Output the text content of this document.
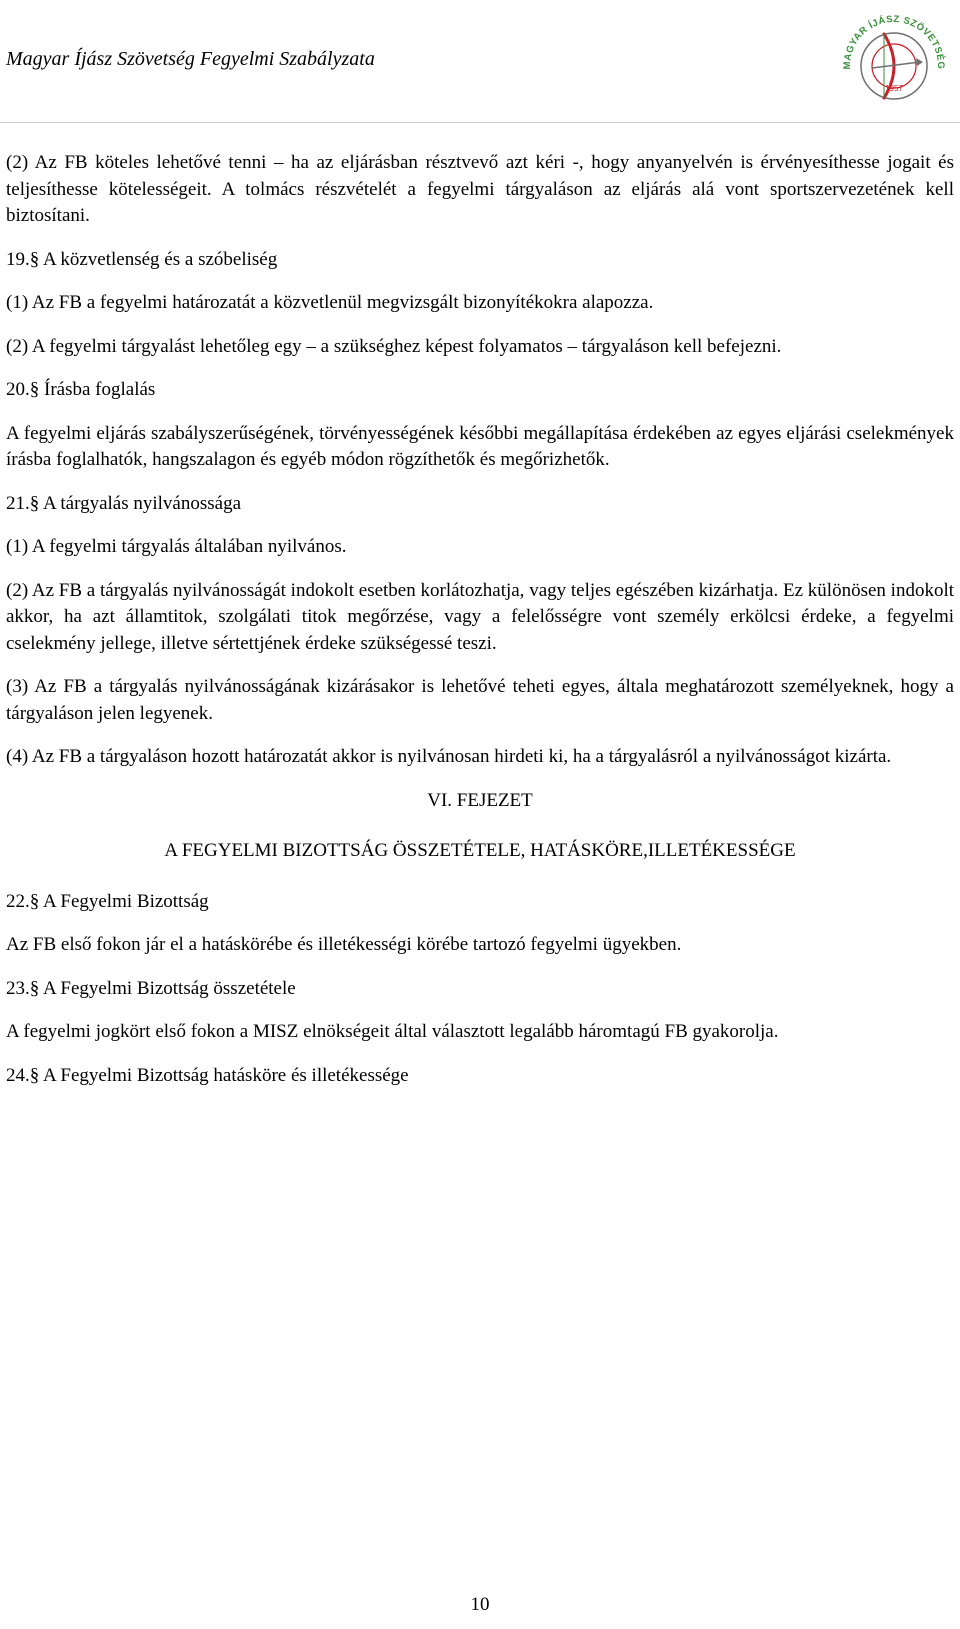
Magyar Íjász Szövetség Fegyelmi Szabályzata	MAGYAR ÍJÁSZ SZÖVETSÉG
1957

(2) Az FB köteles lehetővé tenni – ha az eljárásban résztvevő azt kéri -, hogy anyanyelvén is érvényesíthesse jogait és teljesíthesse kötelességeit. A tolmács részvételét a fegyelmi tárgyaláson az eljárás alá vont sportszervezetének kell biztosítani.

19.§ A közvetlenség és a szóbeliség

(1) Az FB a fegyelmi határozatát a közvetlenül megvizsgált bizonyítékokra alapozza.

(2) A fegyelmi tárgyalást lehetőleg egy – a szükséghez képest folyamatos – tárgyaláson kell befejezni.

20.§ Írásba foglalás

A fegyelmi eljárás szabályszerűségének, törvényességének későbbi megállapítása érdekében az egyes eljárási cselekmények írásba foglalhatók, hangszalagon és egyéb módon rögzíthetők és megőrizhetők.

21.§ A tárgyalás nyilvánossága

(1) A fegyelmi tárgyalás általában nyilvános.

(2) Az FB a tárgyalás nyilvánosságát indokolt esetben korlátozhatja, vagy teljes egészében kizárhatja. Ez különösen indokolt akkor, ha azt államtitok, szolgálati titok megőrzése, vagy a felelősségre vont személy erkölcsi érdeke, a fegyelmi cselekmény jellege, illetve sértettjének érdeke szükségessé teszi.

(3) Az FB a tárgyalás nyilvánosságának kizárásakor is lehetővé teheti egyes, általa meghatározott személyeknek, hogy a tárgyaláson jelen legyenek.

(4) Az FB a tárgyaláson hozott határozatát akkor is nyilvánosan hirdeti ki, ha a tárgyalásról a nyilvánosságot kizárta.

VI. FEJEZET

A FEGYELMI BIZOTTSÁG ÖSSZETÉTELE, HATÁSKÖRE,ILLETÉKESSÉGE

22.§ A Fegyelmi Bizottság

Az FB első fokon jár el a hatáskörébe és illetékességi körébe tartozó fegyelmi ügyekben.

23.§ A Fegyelmi Bizottság összetétele

A fegyelmi jogkört első fokon a MISZ elnökségeit által választott legalább háromtagú FB gyakorolja.

24.§ A Fegyelmi Bizottság hatásköre és illetékessége

10
